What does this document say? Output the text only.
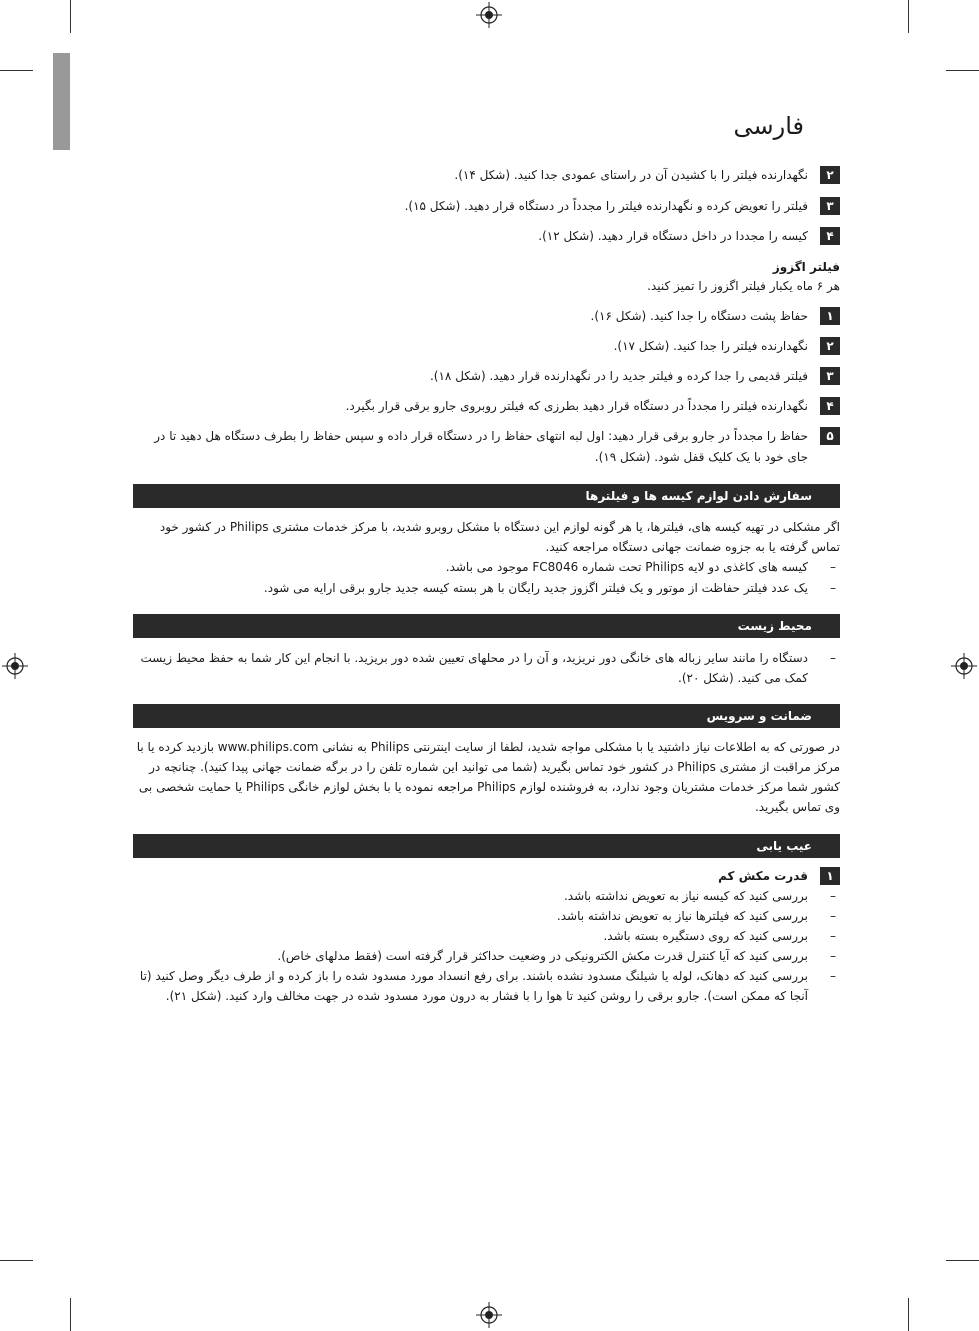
فارسی
۲
نگهدارنده فیلتر را با کشیدن آن در راستای عمودی جدا کنید. (شکل ۱۴).
۳
فیلتر را تعویض کرده و نگهدارنده فیلتر را مجدداً در دستگاه قرار دهید. (شکل ۱۵).
۴
کیسه را مجددا در داخل دستگاه قرار دهید. (شکل ۱۲).
فیلتر اگزوز
هر ۶ ماه یکبار فیلتر اگزوز را تمیز کنید.
۱
حفاظ پشت دستگاه را جدا کنید. (شکل ۱۶).
۲
نگهدارنده فیلتر را جدا کنید. (شکل ۱۷).
۳
فیلتر قدیمی را جدا کرده و فیلتر جدید را در نگهدارنده قرار دهید. (شکل ۱۸).
۴
نگهدارنده فیلتر را مجدداً در دستگاه قرار دهید بطرزی که فیلتر روبروی جارو برقی قرار بگیرد.
۵
حفاظ را مجدداً در جارو برقی قرار دهید: اول لبه انتهای حفاظ را در دستگاه قرار داده و سپس حفاظ را بطرف دستگاه هل دهید تا در جای خود با یک کلیک قفل شود. (شکل ۱۹).
سفارش دادن لوازم کیسه ها و فیلترها
اگر مشکلی در تهیه کیسه های، فیلترها، یا هر گونه لوازم این دستگاه با مشکل روبرو شدید، با مرکز خدمات مشتری Philips در کشور خود تماس گرفته یا به جزوه ضمانت جهانی دستگاه مراجعه کنید.
–
کیسه های کاغذی دو لایه Philips تحت شماره FC8046 موجود می باشد.
–
یک عدد فیلتر حفاظت از موتور و یک فیلتر اگزوز جدید رایگان با هر بسته کیسه جدید جارو برقی ارایه می شود.
محیط زیست
–
دستگاه را مانند سایر زباله های خانگی دور نریزید، و آن را در محلهای تعیین شده دور بریزید. با انجام این کار شما به حفظ محیط زیست کمک می کنید. (شکل ۲۰).
ضمانت و سرویس
در صورتی که به اطلاعات نیاز داشتید یا با مشکلی مواجه شدید، لطفا از سایت اینترنتی Philips به نشانی www.philips.com بازدید کرده یا با مرکز مراقبت از مشتری Philips در کشور خود تماس بگیرید (شما می توانید این شماره تلفن را در برگه ضمانت جهانی پیدا کنید). چنانچه در کشور شما مرکز خدمات مشتریان وجود ندارد، به فروشنده لوازم Philips مراجعه نموده یا با بخش لوازم خانگی Philips یا حمایت شخصی بی وی تماس بگیرید.
عیب یابی
۱
قدرت مکش کم
–
بررسی کنید که کیسه نیاز به تعویض نداشته باشد.
–
بررسی کنید که فیلترها نیاز به تعویض نداشته باشد.
–
بررسی کنید که روی دستگیره بسته باشد.
–
بررسی کنید که آیا کنترل قدرت مکش الکترونیکی در وضعیت حداکثر قرار گرفته است (فقط مدلهای خاص).
–
بررسی کنید که دهانک، لوله یا شیلنگ مسدود نشده باشند. برای رفع انسداد مورد مسدود شده را باز کرده و از طرف دیگر وصل کنید (تا آنجا که ممکن است). جارو برقی را روشن کنید تا هوا را با فشار به درون مورد مسدود شده در جهت مخالف وارد کنید. (شکل ۲۱).
